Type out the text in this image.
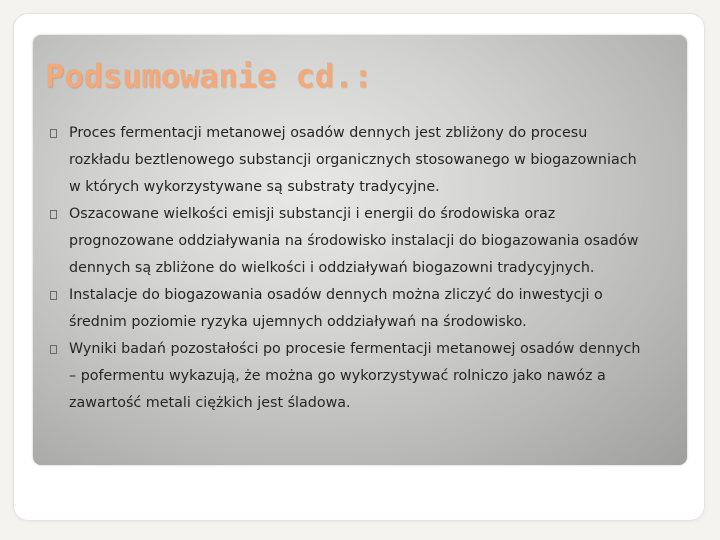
Podsumowanie cd.:
Proces fermentacji metanowej osadów dennych jest zbliżony do procesu
rozkładu beztlenowego substancji organicznych stosowanego w biogazowniach
w których wykorzystywane są substraty tradycyjne.
Oszacowane wielkości emisji substancji i energii do środowiska oraz
prognozowane oddziaływania na środowisko instalacji do biogazowania osadów
dennych są zbliżone do wielkości i oddziaływań biogazowni tradycyjnych.
Instalacje do biogazowania osadów dennych można zliczyć do inwestycji o
średnim poziomie ryzyka ujemnych oddziaływań na środowisko.
Wyniki badań pozostałości po procesie fermentacji metanowej osadów dennych
– pofermentu wykazują, że można go wykorzystywać rolniczo jako nawóz a
zawartość metali ciężkich jest śladowa.
